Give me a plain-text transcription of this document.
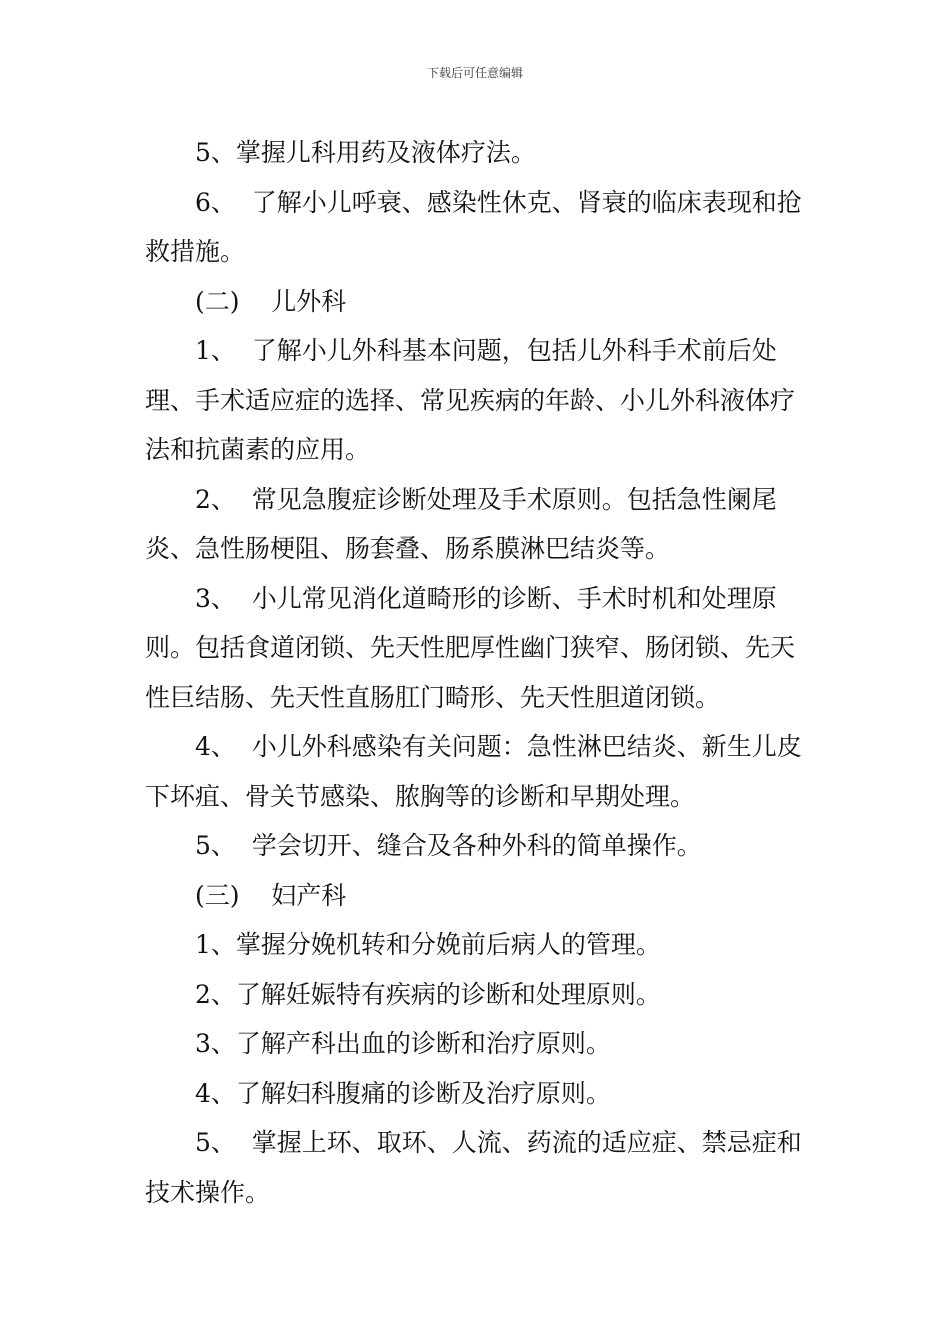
下载后可任意编辑

5、掌握儿科用药及液体疗法。

6、  了解小儿呼衰、感染性休克、肾衰的临床表现和抢救措施。

(二)    儿外科

1、  了解小儿外科基本问题，包括儿外科手术前后处理、手术适应症的选择、常见疾病的年龄、小儿外科液体疗法和抗菌素的应用。

2、  常见急腹症诊断处理及手术原则。包括急性阑尾炎、急性肠梗阻、肠套叠、肠系膜淋巴结炎等。

3、  小儿常见消化道畸形的诊断、手术时机和处理原则。包括食道闭锁、先天性肥厚性幽门狭窄、肠闭锁、先天性巨结肠、先天性直肠肛门畸形、先天性胆道闭锁。

4、  小儿外科感染有关问题：急性淋巴结炎、新生儿皮下坏疽、骨关节感染、脓胸等的诊断和早期处理。

5、  学会切开、缝合及各种外科的简单操作。

(三)    妇产科

1、掌握分娩机转和分娩前后病人的管理。

2、了解妊娠特有疾病的诊断和处理原则。

3、了解产科出血的诊断和治疗原则。

4、了解妇科腹痛的诊断及治疗原则。

5、  掌握上环、取环、人流、药流的适应症、禁忌症和技术操作。
